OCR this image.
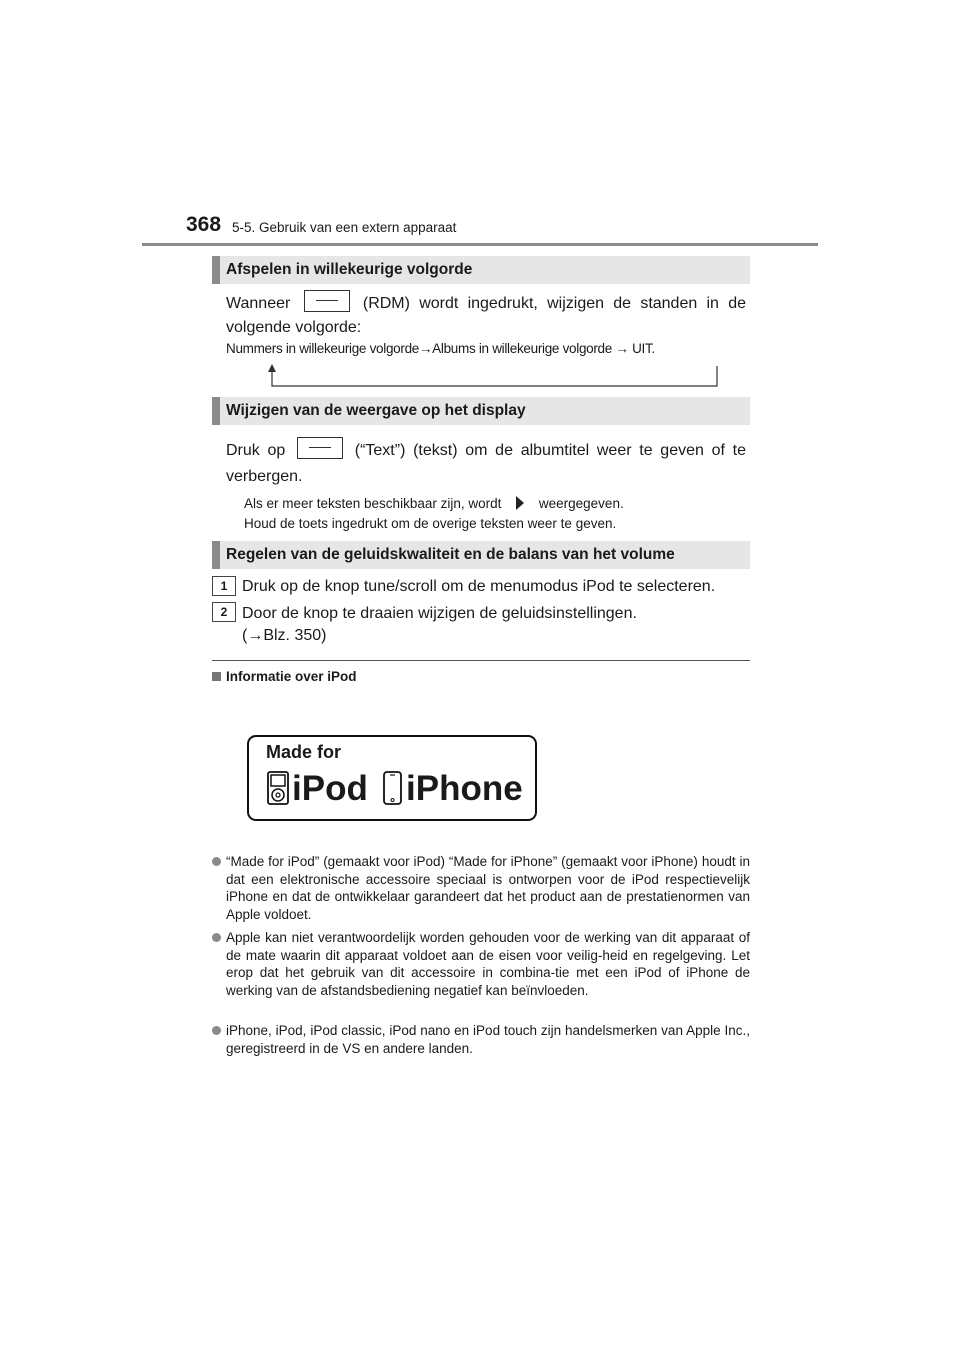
368 5-5. Gebruik van een extern apparaat
Afspelen in willekeurige volgorde
Wanneer	(RDM) wordt ingedrukt, wijzigen de standen in de volgende volgorde:
Nummers in willekeurige volgorde→Albums in willekeurige volgorde → UIT.
Wijzigen van de weergave op het display
Druk op	(“Text”) (tekst) om de albumtitel weer te geven of te verbergen.
Als er meer teksten beschikbaar zijn, wordt	weergegeven.
Houd de toets ingedrukt om de overige teksten weer te geven.
Regelen van de geluidskwaliteit en de balans van het volume
1 Druk op de knop tune/scroll om de menumodus iPod te selecteren.
2 Door de knop te draaien wijzigen de geluidsinstellingen.
(→Blz. 350)
Informatie over iPod
Made for
iPod iPhone
“Made for iPod” (gemaakt voor iPod) “Made for iPhone” (gemaakt voor iPhone) houdt in dat een elektronische accessoire speciaal is ontworpen voor de iPod respectievelijk iPhone en dat de ontwikkelaar garandeert dat het product aan de prestatienormen van Apple voldoet.
Apple kan niet verantwoordelijk worden gehouden voor de werking van dit apparaat of de mate waarin dit apparaat voldoet aan de eisen voor veilig-heid en regelgeving. Let erop dat het gebruik van dit accessoire in combina-tie met een iPod of iPhone de werking van de afstandsbediening negatief kan beïnvloeden.
iPhone, iPod, iPod classic, iPod nano en iPod touch zijn handelsmerken van Apple Inc., geregistreerd in de VS en andere landen.
